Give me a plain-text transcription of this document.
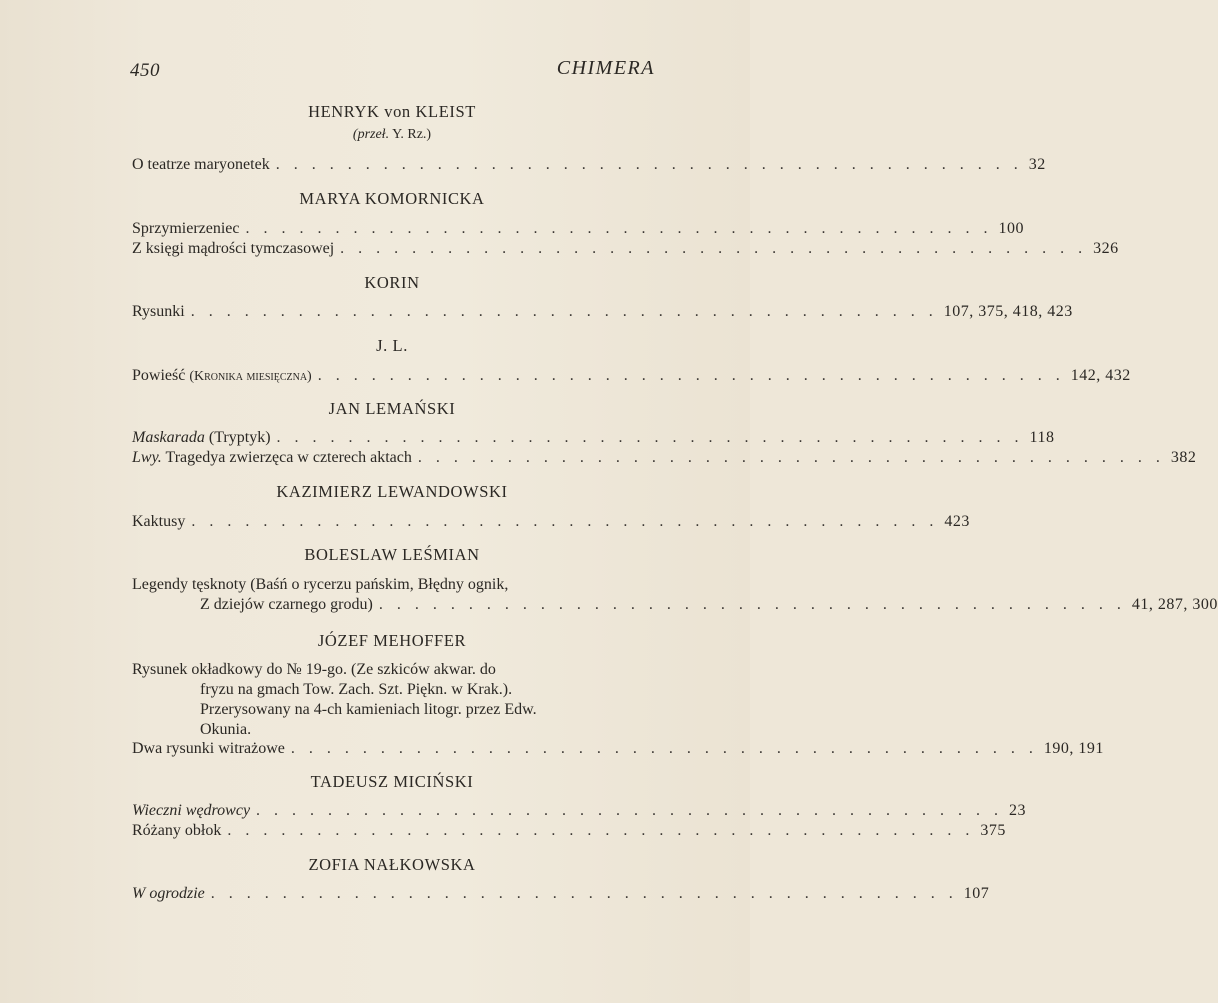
450	CHIMERA
HENRYK von KLEIST
(przeł. Y. Rz.)
O teatrze maryonetek . . . . . . . . . . . . . . . . . . . . . . . . . . . . . . . . . . . . . . . . . . 32
MARYA KOMORNICKA
Sprzymierzeniec . . . . . . . . . . . . . . . . . . . . . . . . . . . . . . . . . . . . . . . . . . 100
Z księgi mądrości tymczasowej . . . . . . . . . . . . . . . . . . . . . . . . . . . . . . . . . . . . . . . . . . 326
KORIN
Rysunki . . . . . . . . . . . . . . . . . . . . . . . . . . . . . . . . . . . . . . . . . . 107, 375, 418, 423
J. L.
Powieść (Kronika miesięczna) . . . . . . . . . . . . . . . . . . . . . . . . . . . . . . . . . . . . . . . . . . 142, 432
JAN LEMAŃSKI
Maskarada (Tryptyk) . . . . . . . . . . . . . . . . . . . . . . . . . . . . . . . . . . . . . . . . . . 118
Lwy. Tragedya zwierzęca w czterech aktach . . . . . . . . . . . . . . . . . . . . . . . . . . . . . . . . . . . . . . . . . . 382
KAZIMIERZ LEWANDOWSKI
Kaktusy . . . . . . . . . . . . . . . . . . . . . . . . . . . . . . . . . . . . . . . . . . 423
BOLESLAW LEŚMIAN
Legendy tęsknoty (Baśń o rycerzu pańskim, Błędny ognik,
Z dziejów czarnego grodu) . . . . . . . . . . . . . . . . . . . . . . . . . . . . . . . . . . . . . . . . . . 41, 287, 300
JÓZEF MEHOFFER
Rysunek okładkowy do № 19-go. (Ze szkiców akwar. do
fryzu na gmach Tow. Zach. Szt. Piękn. w Krak.).
Przerysowany na 4-ch kamieniach litogr. przez Edw.
Okunia.
Dwa rysunki witrażowe . . . . . . . . . . . . . . . . . . . . . . . . . . . . . . . . . . . . . . . . . . 190, 191
TADEUSZ MICIŃSKI
Wieczni wędrowcy . . . . . . . . . . . . . . . . . . . . . . . . . . . . . . . . . . . . . . . . . . 23
Różany obłok . . . . . . . . . . . . . . . . . . . . . . . . . . . . . . . . . . . . . . . . . . 375
ZOFIA NAŁKOWSKA
W ogrodzie . . . . . . . . . . . . . . . . . . . . . . . . . . . . . . . . . . . . . . . . . . 107
